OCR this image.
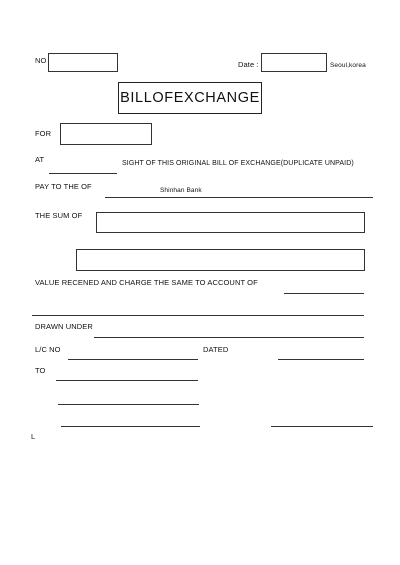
NO	Date :	Seoul,korea
BILLOFEXCHANGE
FOR
AT	SIGHT OF THIS ORIGINAL BILL OF EXCHANGE(DUPLICATE UNPAID)
PAY TO THE OF	Shinhan Bank
THE SUM OF
VALUE RECENED AND CHARGE THE SAME TO ACCOUNT OF
DRAWN UNDER
L/C NO	DATED
TO
L
